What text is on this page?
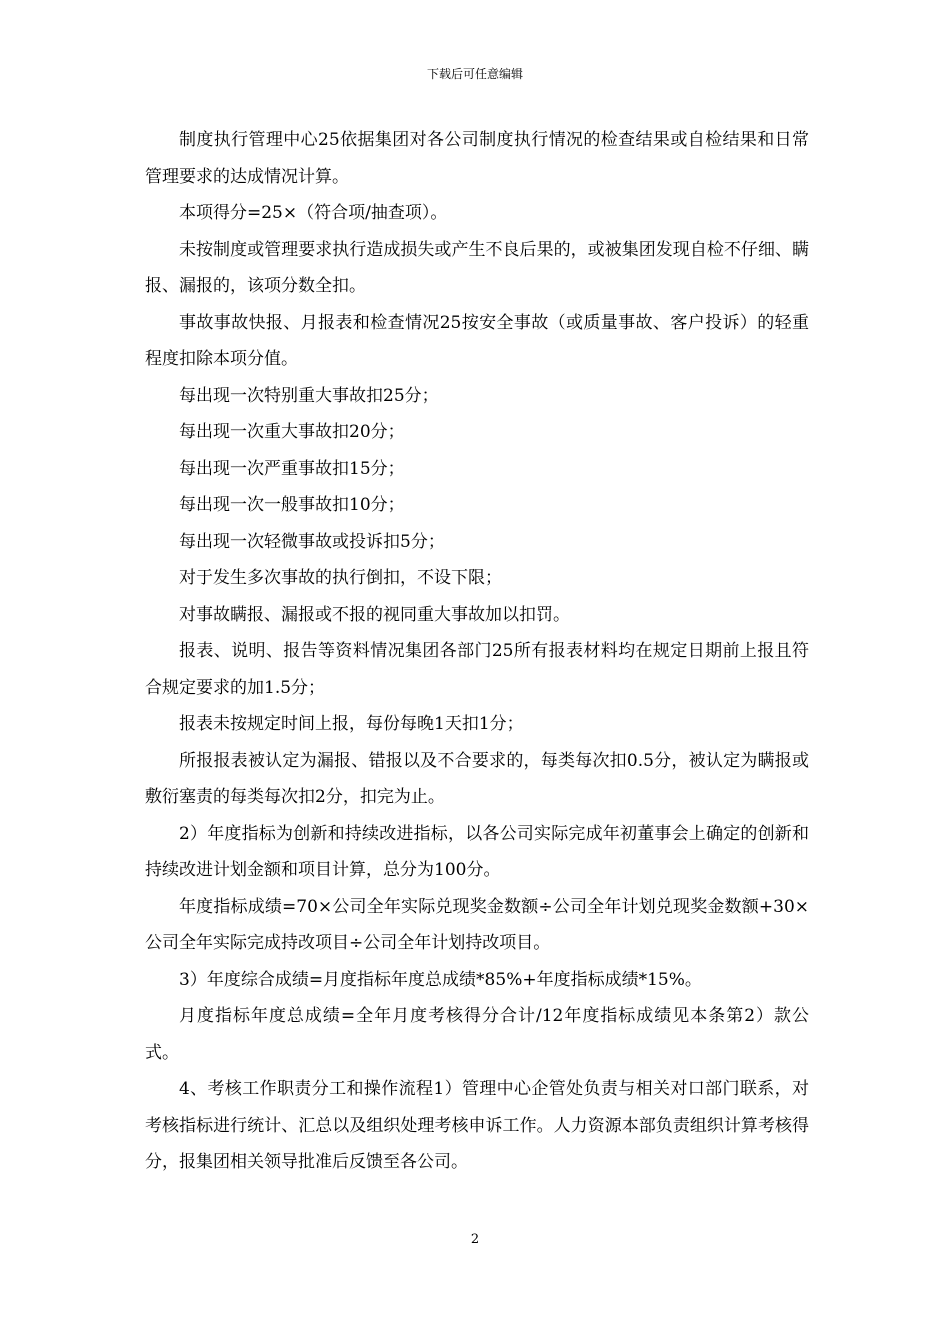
下载后可任意编辑

制度执行管理中心25依据集团对各公司制度执行情况的检查结果或自检结果和日常管理要求的达成情况计算。

本项得分=25×（符合项/抽查项）。

未按制度或管理要求执行造成损失或产生不良后果的，或被集团发现自检不仔细、瞒报、漏报的，该项分数全扣。

事故事故快报、月报表和检查情况25按安全事故（或质量事故、客户投诉）的轻重程度扣除本项分值。

每出现一次特别重大事故扣25分；

每出现一次重大事故扣20分；

每出现一次严重事故扣15分；

每出现一次一般事故扣10分；

每出现一次轻微事故或投诉扣5分；

对于发生多次事故的执行倒扣，不设下限；

对事故瞒报、漏报或不报的视同重大事故加以扣罚。

报表、说明、报告等资料情况集团各部门25所有报表材料均在规定日期前上报且符合规定要求的加1.5分；

报表未按规定时间上报，每份每晚1天扣1分；

所报报表被认定为漏报、错报以及不合要求的，每类每次扣0.5分，被认定为瞒报或敷衍塞责的每类每次扣2分，扣完为止。

2）年度指标为创新和持续改进指标，以各公司实际完成年初董事会上确定的创新和持续改进计划金额和项目计算，总分为100分。

年度指标成绩=70×公司全年实际兑现奖金数额÷公司全年计划兑现奖金数额+30×公司全年实际完成持改项目÷公司全年计划持改项目。

3）年度综合成绩=月度指标年度总成绩*85%+年度指标成绩*15%。

月度指标年度总成绩=全年月度考核得分合计/12年度指标成绩见本条第2）款公式。

4、考核工作职责分工和操作流程1）管理中心企管处负责与相关对口部门联系，对考核指标进行统计、汇总以及组织处理考核申诉工作。人力资源本部负责组织计算考核得分，报集团相关领导批准后反馈至各公司。

2
